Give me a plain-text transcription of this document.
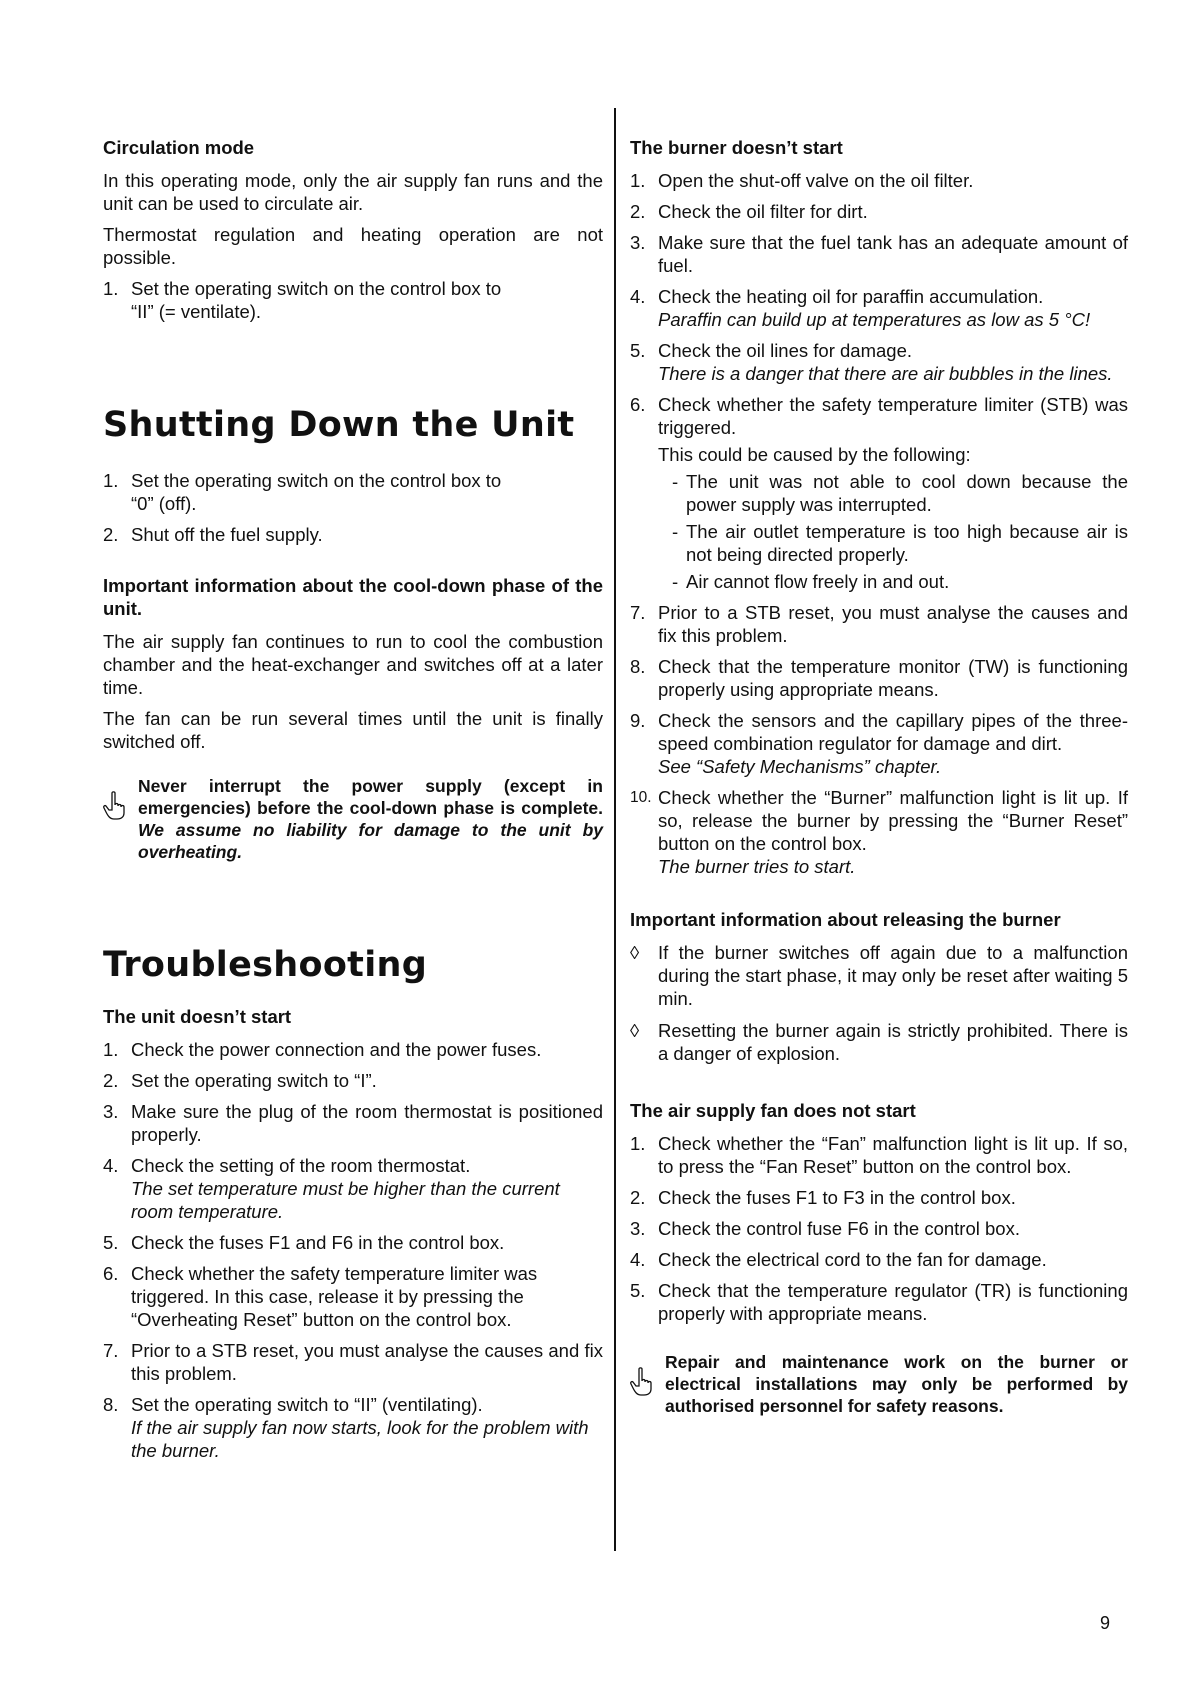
Circulation mode

In this operating mode, only the air supply fan runs and the unit can be used to circulate air.

Thermostat regulation and heating operation are not possible.

1. Set the operating switch on the control box to
“II” (= ventilate).
Shutting Down the Unit
1. Set the operating switch on the control box to
“0” (off).
2. Shut off the fuel supply.
Important information about the cool-down phase of the unit.

The air supply fan continues to run to cool the combustion chamber and the heat-exchanger and switches off at a later time.

The fan can be run several times until the unit is finally switched off.

Never interrupt the power supply (except in emergencies) before the cool-down phase is complete. We assume no liability for damage to the unit by overheating.
Troubleshooting
The unit doesn’t start
1. Check the power connection and the power fuses.
2. Set the operating switch to “I”.
3. Make sure the plug of the room thermostat is positioned properly.
4. Check the setting of the room thermostat.
The set temperature must be higher than the current room temperature.
5. Check the fuses F1 and F6 in the control box.
6. Check whether the safety temperature limiter was triggered. In this case, release it by pressing the “Overheating Reset” button on the control box.
7. Prior to a STB reset, you must analyse the causes and fix this problem.
8. Set the operating switch to “II” (ventilating).
If the air supply fan now starts, look for the problem with the burner.
The burner doesn’t start
1. Open the shut-off valve on the oil filter.
2. Check the oil filter for dirt.
3. Make sure that the fuel tank has an adequate amount of fuel.
4. Check the heating oil for paraffin accumulation.
Paraffin can build up at temperatures as low as 5 °C!
5. Check the oil lines for damage.
There is a danger that there are air bubbles in the lines.
6. Check whether the safety temperature limiter (STB) was triggered.
This could be caused by the following:
- The unit was not able to cool down because the power supply was interrupted.
- The air outlet temperature is too high because air is not being directed properly.
- Air cannot flow freely in and out.
7. Prior to a STB reset, you must analyse the causes and fix this problem.
8. Check that the temperature monitor (TW) is functioning properly using appropriate means.
9. Check the sensors and the capillary pipes of the three-speed combination regulator for damage and dirt.
See “Safety Mechanisms” chapter.
10. Check whether the “Burner” malfunction light is lit up. If so, release the burner by pressing the “Burner Reset” button on the control box.
The burner tries to start.
Important information about releasing the burner
◊ If the burner switches off again due to a malfunction during the start phase, it may only be reset after waiting 5 min.
◊ Resetting the burner again is strictly prohibited. There is a danger of explosion.
The air supply fan does not start
1. Check whether the “Fan” malfunction light is lit up. If so, to press the “Fan Reset” button on the control box.
2. Check the fuses F1 to F3 in the control box.
3. Check the control fuse F6 in the control box.
4. Check the electrical cord to the fan for damage.
5. Check that the temperature regulator (TR) is functioning properly with appropriate means.
Repair and maintenance work on the burner or electrical installations may only be performed by authorised personnel for safety reasons.
9
